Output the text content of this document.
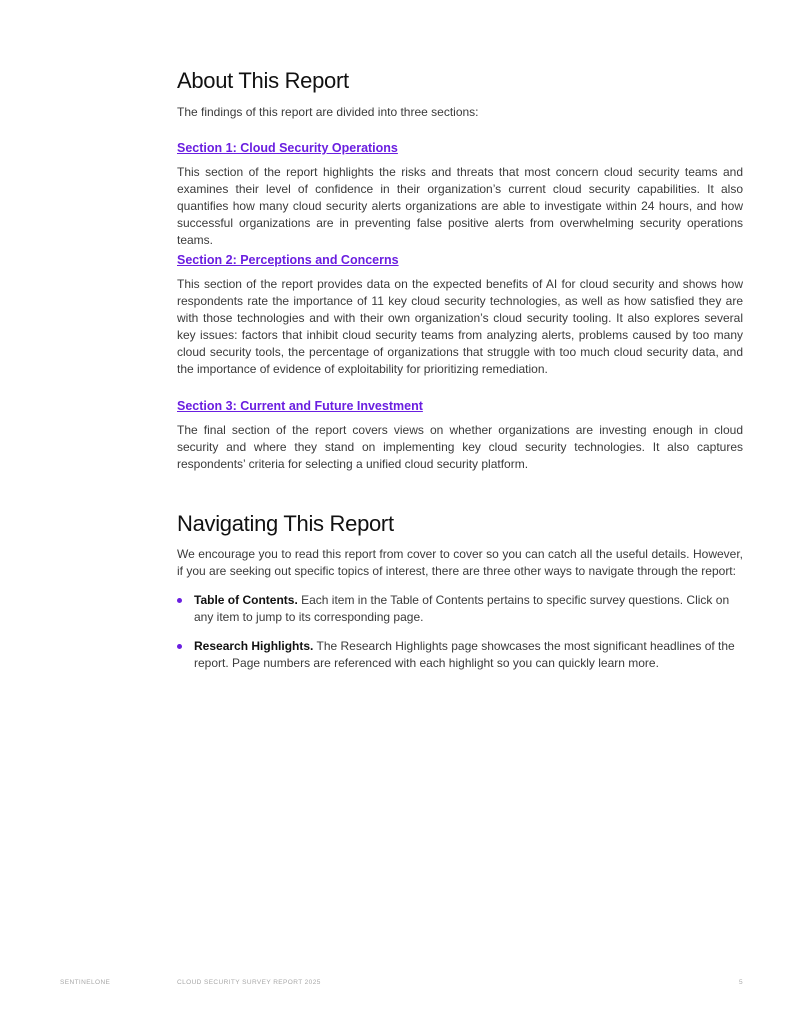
About This Report

The findings of this report are divided into three sections:

Section 1: Cloud Security Operations

This section of the report highlights the risks and threats that most concern cloud security teams and examines their level of confidence in their organization’s current cloud security capabilities. It also quantifies how many cloud security alerts organizations are able to investigate within 24 hours, and how successful organizations are in preventing false positive alerts from overwhelming security operations teams.

Section 2: Perceptions and Concerns

This section of the report provides data on the expected benefits of AI for cloud security and shows how respondents rate the importance of 11 key cloud security technologies, as well as how satisfied they are with those technologies and with their own organization’s cloud security tooling. It also explores several key issues: factors that inhibit cloud security teams from analyzing alerts, problems caused by too many cloud security tools, the percentage of organizations that struggle with too much cloud security data, and the importance of evidence of exploitability for prioritizing remediation.

Section 3: Current and Future Investment

The final section of the report covers views on whether organizations are investing enough in cloud security and where they stand on implementing key cloud security technologies. It also captures respondents’ criteria for selecting a unified cloud security platform.

Navigating This Report

We encourage you to read this report from cover to cover so you can catch all the useful details. However, if you are seeking out specific topics of interest, there are three other ways to navigate through the report:

Table of Contents. Each item in the Table of Contents pertains to specific survey questions. Click on any item to jump to its corresponding page.
Research Highlights. The Research Highlights page showcases the most significant headlines of the report. Page numbers are referenced with each highlight so you can quickly learn more.
SENTINELONE	CLOUD SECURITY SURVEY REPORT 2025	5
